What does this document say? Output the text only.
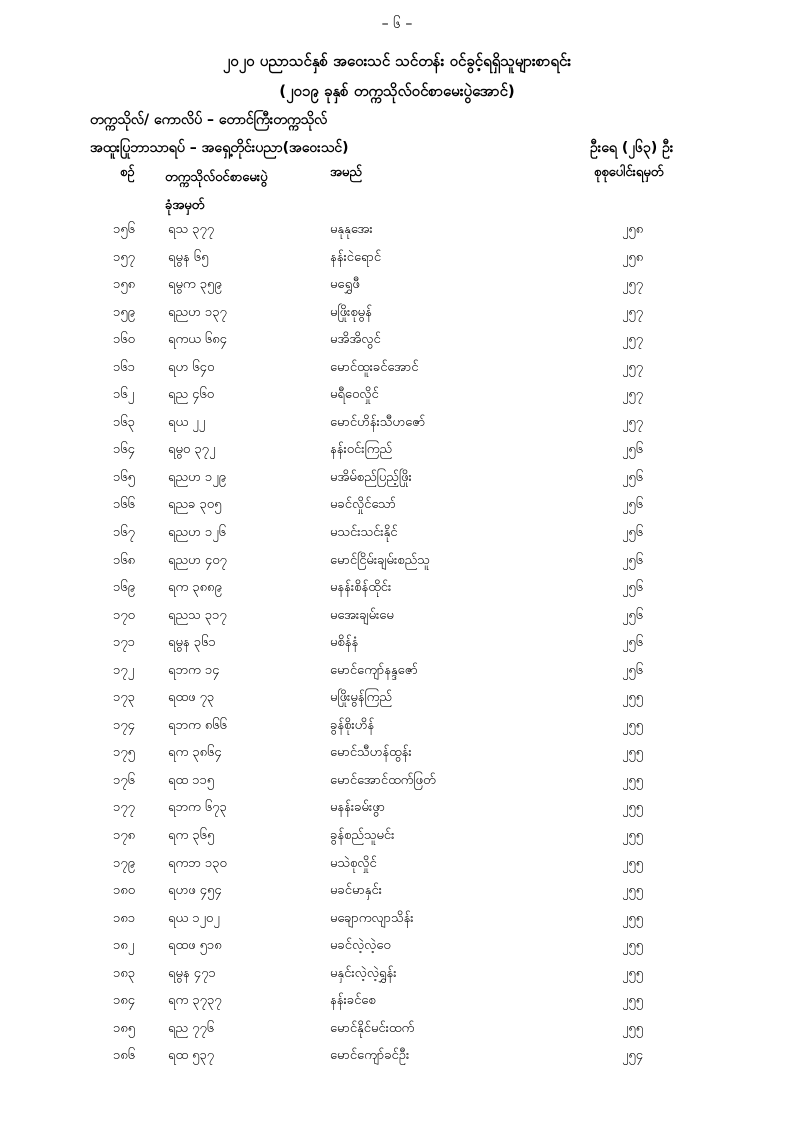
– ၆ –
၂၀၂၀ ပညာသင်နှစ် အဝေးသင် သင်တန်း ဝင်ခွင့်ရရှိသူများစာရင်း
(၂၀၁၉ ခုနှစ် တက္ကသိုလ်ဝင်စာမေးပွဲအောင်)
တက္ကသိုလ်/ ကောလိပ် – တောင်ကြီးတက္ကသိုလ်
အထူးပြုဘာသာရပ် – အရှေ့တိုင်းပညာ(အဝေးသင်)	ဦးရေ (၂၆၃) ဦး
စဉ် တက္ကသိုလ်ဝင်စာမေးပွဲ
ခုံအမှတ်
အမည်	စုစုပေါင်းရမှတ်
၁၅၆	ရသ ၃၇၇	မနုနုအေး	၂၅၈
၁၅၇	ရမွန ၆၅	နန်းငဲရောင်	၂၅၈
၁၅၈	ရမွက ၃၅၉	မရွှေဖီ	၂၅၇
၁၅၉	ရညဟ ၁၃၇	မဖြိုးစုမွန်	၂၅၇
၁၆၀	ရကယ ၆၈၄	မအိအိလွင်	၂၅၇
၁၆၁	ရဟ ၆၄၀	မောင်ထူးခင်အောင်	၂၅၇
၁၆၂	ရည ၄၆၀	မရီဝေလှိုင်	၂၅၇
၁၆၃	ရယ ၂၂	မောင်ဟိန်းသီဟဇော်	၂၅၇
၁၆၄	ရမွဝ ၃၇၂	နန်းဝင်းကြည်	၂၅၆
၁၆၅	ရညဟ ၁၂၉	မအိမ်စည်ပြည့်ဖြိုး	၂၅၆
၁၆၆	ရညခ ၃၀၅	မခင်လှိုင်သော်	၂၅၆
၁၆၇	ရညဟ ၁၂၆	မသင်းသင်းနိုင်	၂၅၆
၁၆၈	ရညဟ ၄၀၇	မောင်ငြိမ်းချမ်းစည်သူ	၂၅၆
၁၆၉	ရက ၃၈၈၉	မနန်းစိန်ထိုင်း	၂၅၆
၁၇၀	ရညသ ၃၁၇	မအေးချမ်းမေ	၂၅၆
၁၇၁	ရမွန ၃၆၁	မစိန်နံ	၂၅၆
၁၇၂	ရဘက ၁၄	မောင်ကျော်နန္ဒဇော်	၂၅၆
၁၇၃	ရထဖ ၇၃	မဖြိုးမွန်ကြည်	၂၅၅
၁၇၄	ရဘက ၈၆၆	ခွန်စိုးဟိန်	၂၅၅
၁၇၅	ရက ၃၈၆၄	မောင်သီဟန်ထွန်း	၂၅၅
၁၇၆	ရထ ၁၁၅	မောင်အောင်ထက်ဖြတ်	၂၅၅
၁၇၇	ရဘက ၆၇၃	မနန်းခမ်းဖွာ	၂၅၅
၁၇၈	ရက ၃၆၅	ခွန်စည်သူမင်း	၂၅၅
၁၇၉	ရကဘ ၁၃၀	မသဲစုလှိုင်	၂၅၅
၁၈၀	ရဟဖ ၄၅၄	မခင်မာနှင်း	၂၅၅
၁၈၁	ရယ ၁၂၀၂	မချောကလျာသိန်း	၂၅၅
၁၈၂	ရထဖ ၅၁၈	မခင်လဲ့လဲ့ဝေ	၂၅၅
၁၈၃	ရမွန ၄၇၁	မနှင်းလဲ့လဲ့ရွှန်း	၂၅၅
၁၈၄	ရက ၃၇၃၇	နန်းခင်စေ	၂၅၅
၁၈၅	ရည ၇၇၆	မောင်နိုင်မင်းထက်	၂၅၅
၁၈၆	ရထ ၅၃၇	မောင်ကျော်ခင်ဦး	၂၅၄
